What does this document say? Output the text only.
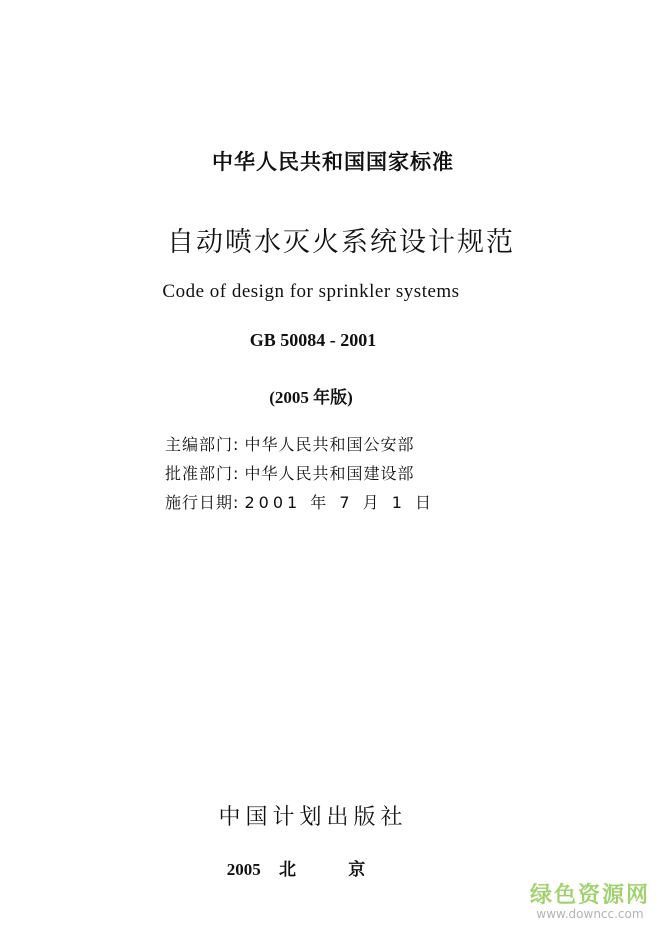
中华人民共和国国家标准
自动喷水灭火系统设计规范
Code of design for sprinkler systems
GB 50084 - 2001
(2005 年版)
主编部门: 中华人民共和国公安部
批准部门: 中华人民共和国建设部
施行日期: 2001 年 7 月 1 日
中国计划出版社
2005 北 京
绿色资源网
www.downcc.com
